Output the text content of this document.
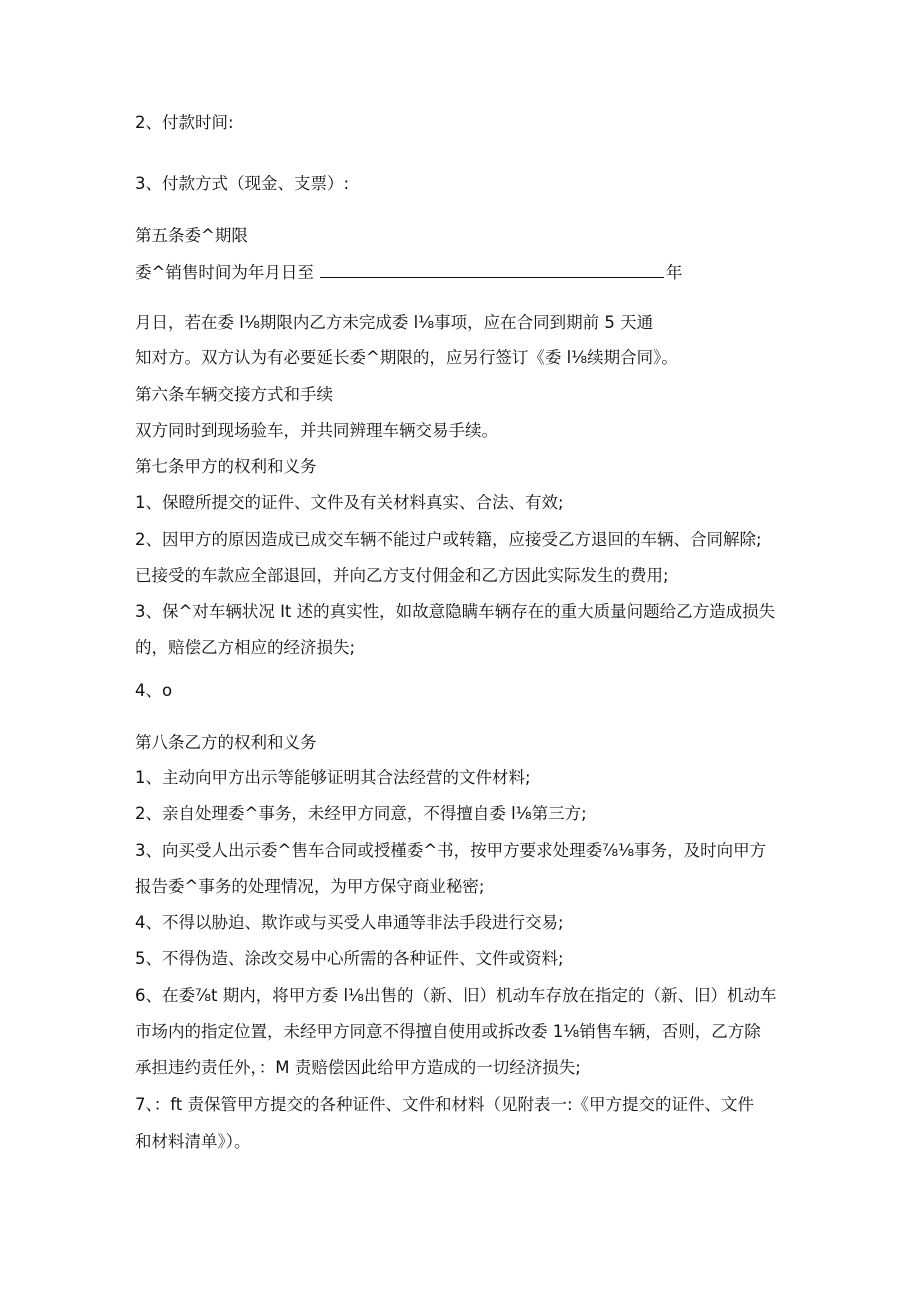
2、付款时间:
3、付款方式（现金、支票）:
第五条委^期限
委^销售时间为年月日至	年
月日，若在委 l⅛期限内乙方未完成委 l⅛事项，应在合同到期前 5 天通
知对方。双方认为有必要延长委^期限的，应另行签订《委 l⅛续期合同》。
第六条车辆交接方式和手续
双方同时到现场验车，并共同辨理车辆交易手续。
第七条甲方的权利和义务
1、保瞪所提交的证件、文件及有关材料真实、合法、有效;
2、因甲方的原因造成已成交车辆不能过户或转籍，应接受乙方退回的车辆、合同解除;
已接受的车款应全部退回，并向乙方支付佣金和乙方因此实际发生的费用;
3、保^对车辆状况 It 述的真实性，如故意隐瞒车辆存在的重大质量问题给乙方造成损失
的，赔偿乙方相应的经济损失;
4、o
第八条乙方的权利和义务
1、主动向甲方出示等能够证明其合法经营的文件材料;
2、亲自处理委^事务，未经甲方同意，不得擅自委 l⅛第三方;
3、向买受人出示委^售车合同或授槿委^书，按甲方要求处理委⅞⅛事务，及时向甲方
报告委^事务的处理情况，为甲方保守商业秘密;
4、不得以胁迫、欺诈或与买受人串通等非法手段进行交易;
5、不得伪造、涂改交易中心所需的各种证件、文件或资料;
6、在委⅞t 期内，将甲方委 l⅛出售的（新、旧）机动车存放在指定的（新、旧）机动车
市场内的指定位置，未经甲方同意不得擅自使用或拆改委 1⅛销售车辆，否则，乙方除
承担违约责任外，：M 责赔偿因此给甲方造成的一切经济损失;
7、：ft 责保管甲方提交的各种证件、文件和材料（见附表一:《甲方提交的证件、文件
和材料清单》）。
